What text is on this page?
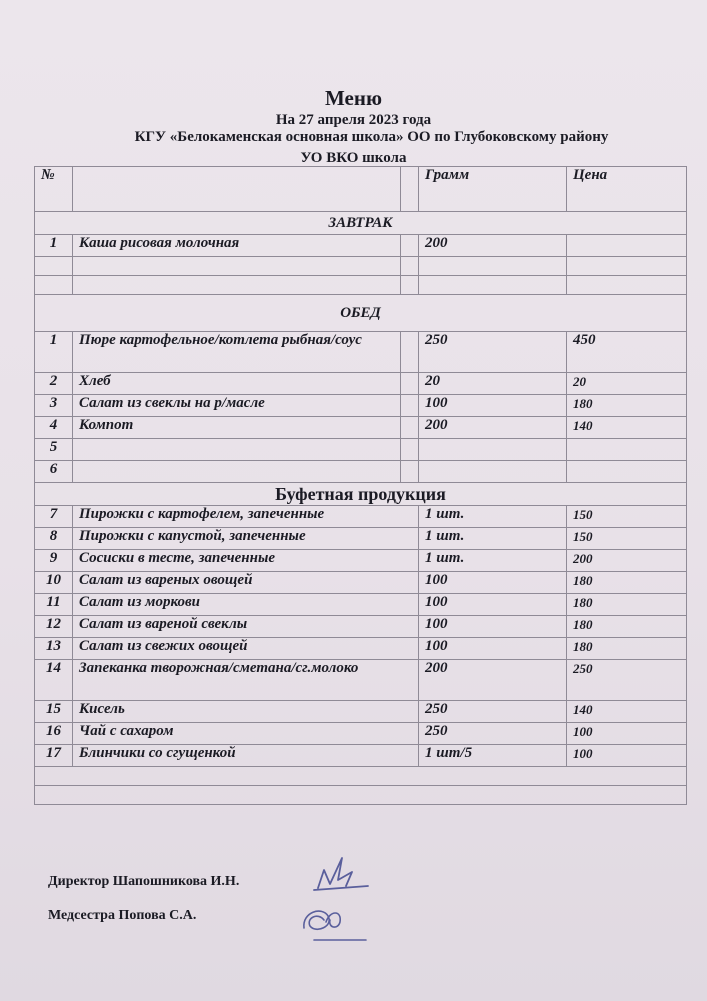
Меню
На 27 апреля 2023 года
КГУ «Белокаменская основная школа» ОО по Глубоковскому району
УО ВКО школа
№			Грамм	Цена
ЗАВТРАК				
1	Каша рисовая молочная		200	

ОБЕД				
1	Пюре картофельное/котлета рыбная/соус		250	450
2	Хлеб		20	20
3	Салат из свеклы на р/масле		100	180
4	Компот		200	140
5				
6				
Буфетная продукция				
7	Пирожки с картофелем, запеченные		1 шт.	150
8	Пирожки с капустой, запеченные		1 шт.	150
9	Сосиски в тесте, запеченные		1 шт.	200
10	Салат из вареных овощей		100	180
11	Салат из моркови		100	180
12	Салат из вареной свеклы		100	180
13	Салат из свежих овощей		100	180
14	Запеканка творожная/сметана/сг.молоко		200	250
15	Кисель		250	140
16	Чай с сахаром		250	100
17	Блинчики со сгущенкой		1 шт/5	100

Директор Шапошникова И.Н.
Медсестра Попова С.А.
